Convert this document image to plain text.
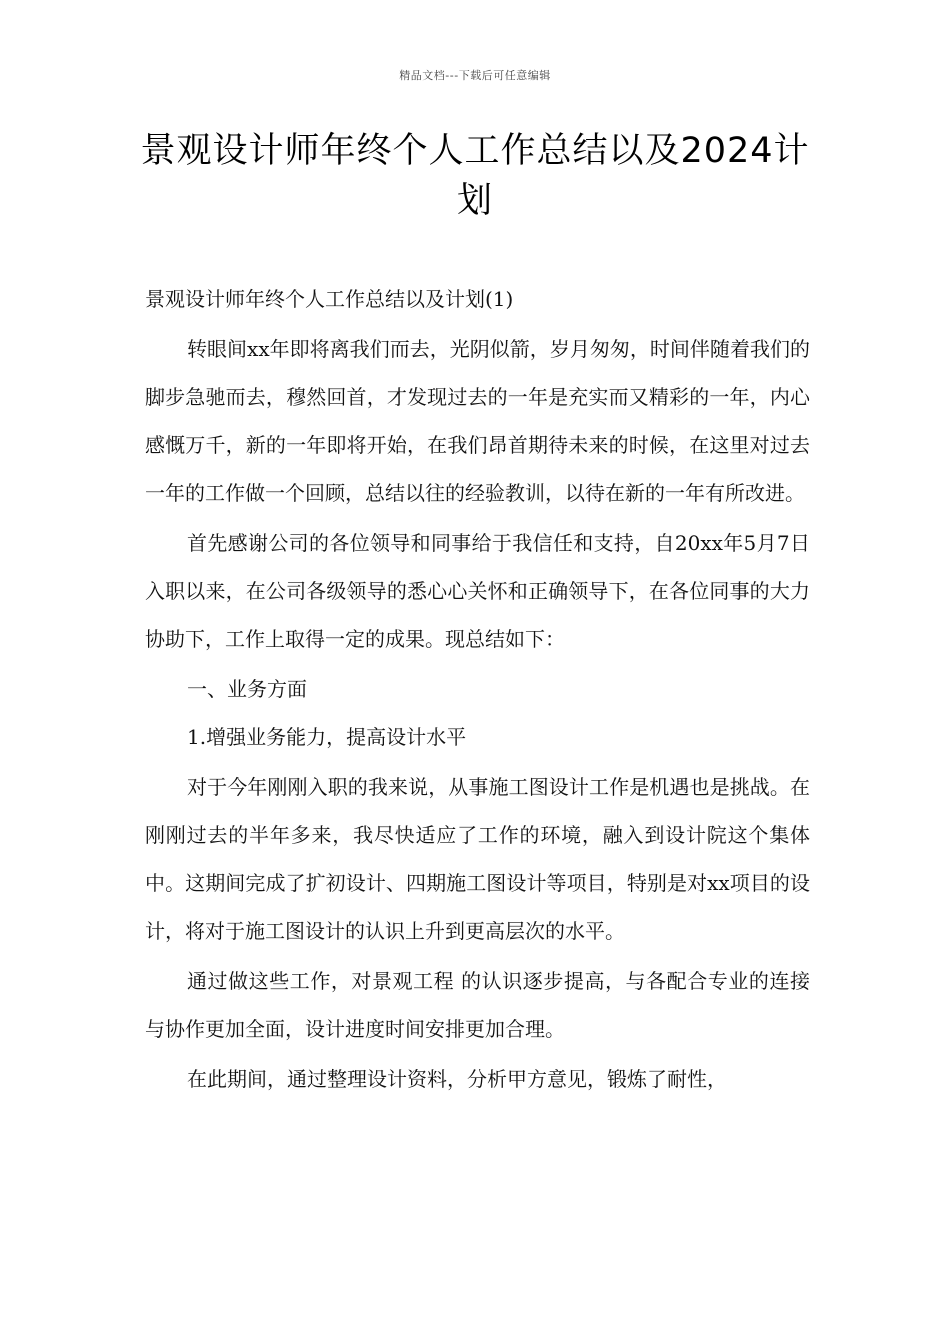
精品文档---下载后可任意编辑
景观设计师年终个人工作总结以及2024计划

景观设计师年终个人工作总结以及计划(1)

转眼间xx年即将离我们而去，光阴似箭，岁月匆匆，时间伴随着我们的脚步急驰而去，穆然回首，才发现过去的一年是充实而又精彩的一年，内心感慨万千，新的一年即将开始，在我们昂首期待未来的时候，在这里对过去一年的工作做一个回顾，总结以往的经验教训，以待在新的一年有所改进。

首先感谢公司的各位领导和同事给于我信任和支持，自20xx年5月7日入职以来，在公司各级领导的悉心心关怀和正确领导下，在各位同事的大力协助下，工作上取得一定的成果。现总结如下：

一、业务方面

1.增强业务能力，提高设计水平

对于今年刚刚入职的我来说，从事施工图设计工作是机遇也是挑战。在刚刚过去的半年多来，我尽快适应了工作的环境，融入到设计院这个集体中。这期间完成了扩初设计、四期施工图设计等项目，特别是对xx项目的设计，将对于施工图设计的认识上升到更高层次的水平。

通过做这些工作，对景观工程 的认识逐步提高，与各配合专业的连接与协作更加全面，设计进度时间安排更加合理。

在此期间，通过整理设计资料，分析甲方意见，锻炼了耐性，
